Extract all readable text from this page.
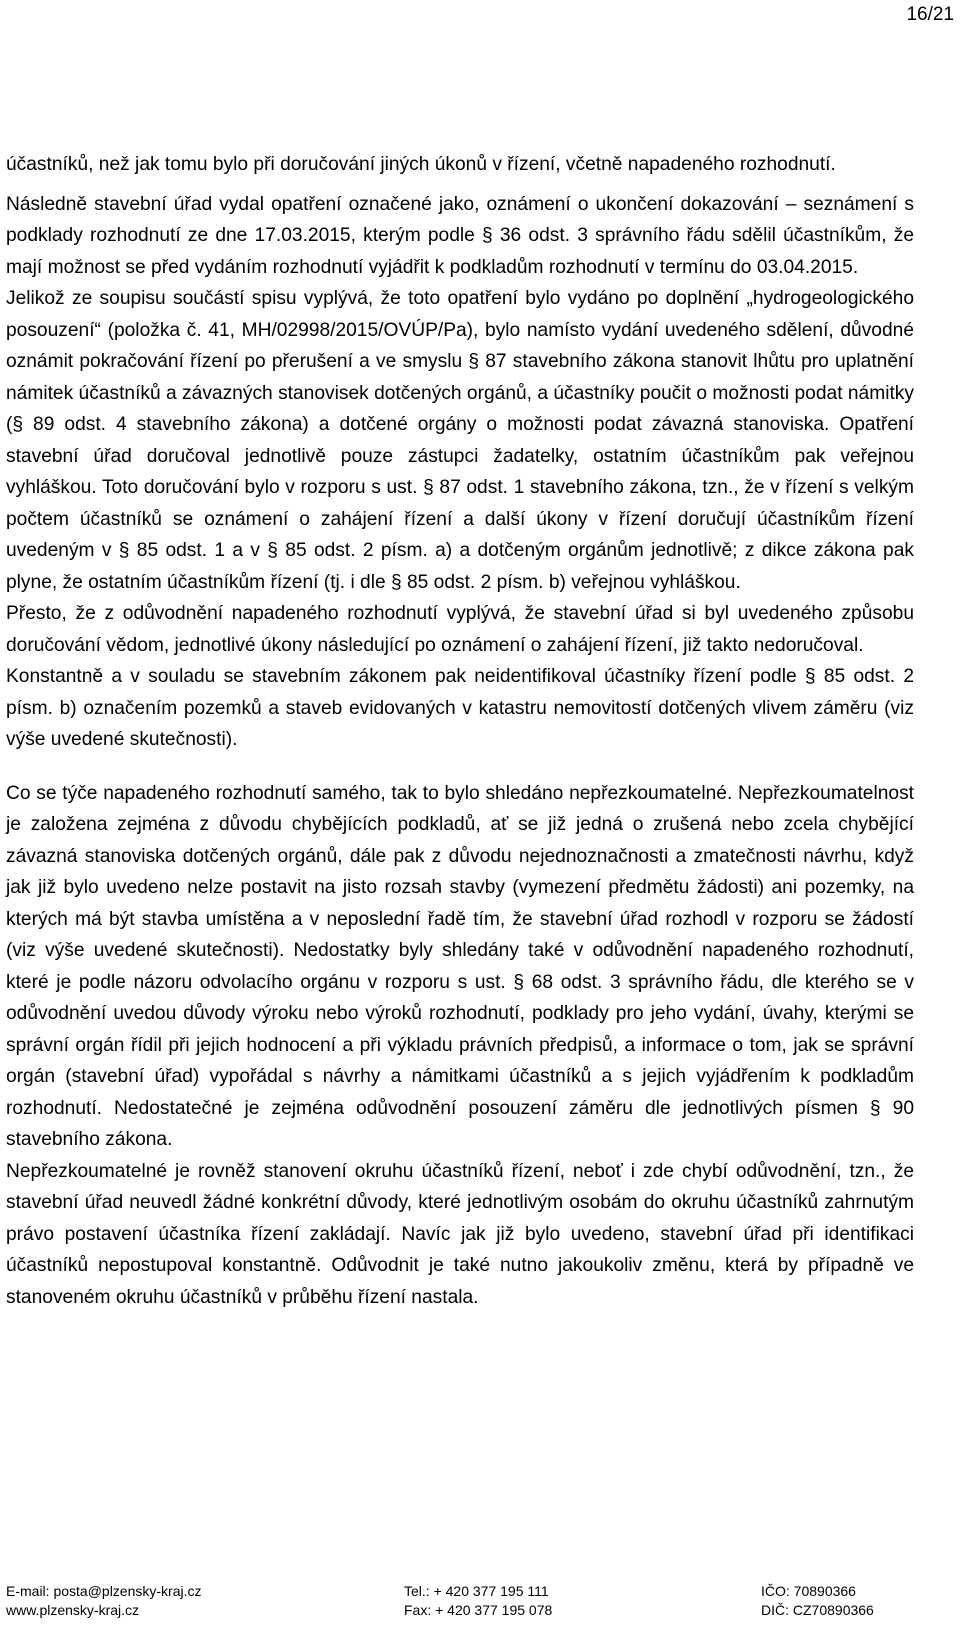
16/21

účastníků, než jak tomu bylo při doručování jiných úkonů v řízení, včetně napadeného rozhodnutí.

Následně stavební úřad vydal opatření označené jako, oznámení o ukončení dokazování – seznámení s podklady rozhodnutí ze dne 17.03.2015, kterým podle § 36 odst. 3 správního řádu sdělil účastníkům, že mají možnost se před vydáním rozhodnutí vyjádřit k podkladům rozhodnutí v termínu do 03.04.2015.

Jelikož ze soupisu součástí spisu vyplývá, že toto opatření bylo vydáno po doplnění „hydrogeologického posouzení“ (položka č. 41, MH/02998/2015/OVÚP/Pa), bylo namísto vydání uvedeného sdělení, důvodné oznámit pokračování řízení po přerušení a ve smyslu § 87 stavebního zákona stanovit lhůtu pro uplatnění námitek účastníků a závazných stanovisek dotčených orgánů, a účastníky poučit o možnosti podat námitky (§ 89 odst. 4 stavebního zákona) a dotčené orgány o možnosti podat závazná stanoviska. Opatření stavební úřad doručoval jednotlivě pouze zástupci žadatelky, ostatním účastníkům pak veřejnou vyhláškou. Toto doručování bylo v rozporu s ust. § 87 odst. 1 stavebního zákona, tzn., že v řízení s velkým počtem účastníků se oznámení o zahájení řízení a další úkony v řízení doručují účastníkům řízení uvedeným v § 85 odst. 1 a v § 85 odst. 2 písm. a) a dotčeným orgánům jednotlivě; z dikce zákona pak plyne, že ostatním účastníkům řízení (tj. i dle § 85 odst. 2 písm. b) veřejnou vyhláškou.

Přesto, že z odůvodnění napadeného rozhodnutí vyplývá, že stavební úřad si byl uvedeného způsobu doručování vědom, jednotlivé úkony následující po oznámení o zahájení řízení, již takto nedoručoval.

Konstantně a v souladu se stavebním zákonem pak neidentifikoval účastníky řízení podle § 85 odst. 2 písm. b) označením pozemků a staveb evidovaných v katastru nemovitostí dotčených vlivem záměru (viz výše uvedené skutečnosti).

Co se týče napadeného rozhodnutí samého, tak to bylo shledáno nepřezkoumatelné. Nepřezkoumatelnost je založena zejména z důvodu chybějících podkladů, ať se již jedná o zrušená nebo zcela chybějící závazná stanoviska dotčených orgánů, dále pak z důvodu nejednoznačnosti a zmatečnosti návrhu, když jak již bylo uvedeno nelze postavit na jisto rozsah stavby (vymezení předmětu žádosti) ani pozemky, na kterých má být stavba umístěna a v neposlední řadě tím, že stavební úřad rozhodl v rozporu se žádostí (viz výše uvedené skutečnosti). Nedostatky byly shledány také v odůvodnění napadeného rozhodnutí, které je podle názoru odvolacího orgánu v rozporu s ust. § 68 odst. 3 správního řádu, dle kterého se v odůvodnění uvedou důvody výroku nebo výroků rozhodnutí, podklady pro jeho vydání, úvahy, kterými se správní orgán řídil při jejich hodnocení a při výkladu právních předpisů, a informace o tom, jak se správní orgán (stavební úřad) vypořádal s návrhy a námitkami účastníků a s jejich vyjádřením k podkladům rozhodnutí. Nedostatečné je zejména odůvodnění posouzení záměru dle jednotlivých písmen § 90 stavebního zákona.

Nepřezkoumatelné je rovněž stanovení okruhu účastníků řízení, neboť i zde chybí odůvodnění, tzn., že stavební úřad neuvedl žádné konkrétní důvody, které jednotlivým osobám do okruhu účastníků zahrnutým právo postavení účastníka řízení zakládají. Navíc jak již bylo uvedeno, stavební úřad při identifikaci účastníků nepostupoval konstantně. Odůvodnit je také nutno jakoukoliv změnu, která by případně ve stanoveném okruhu účastníků v průběhu řízení nastala.

E-mail: posta@plzensky-kraj.cz
www.plzensky-kraj.cz
Tel.: + 420 377 195 111
Fax: + 420 377 195 078
IČO: 70890366
DIČ: CZ70890366
